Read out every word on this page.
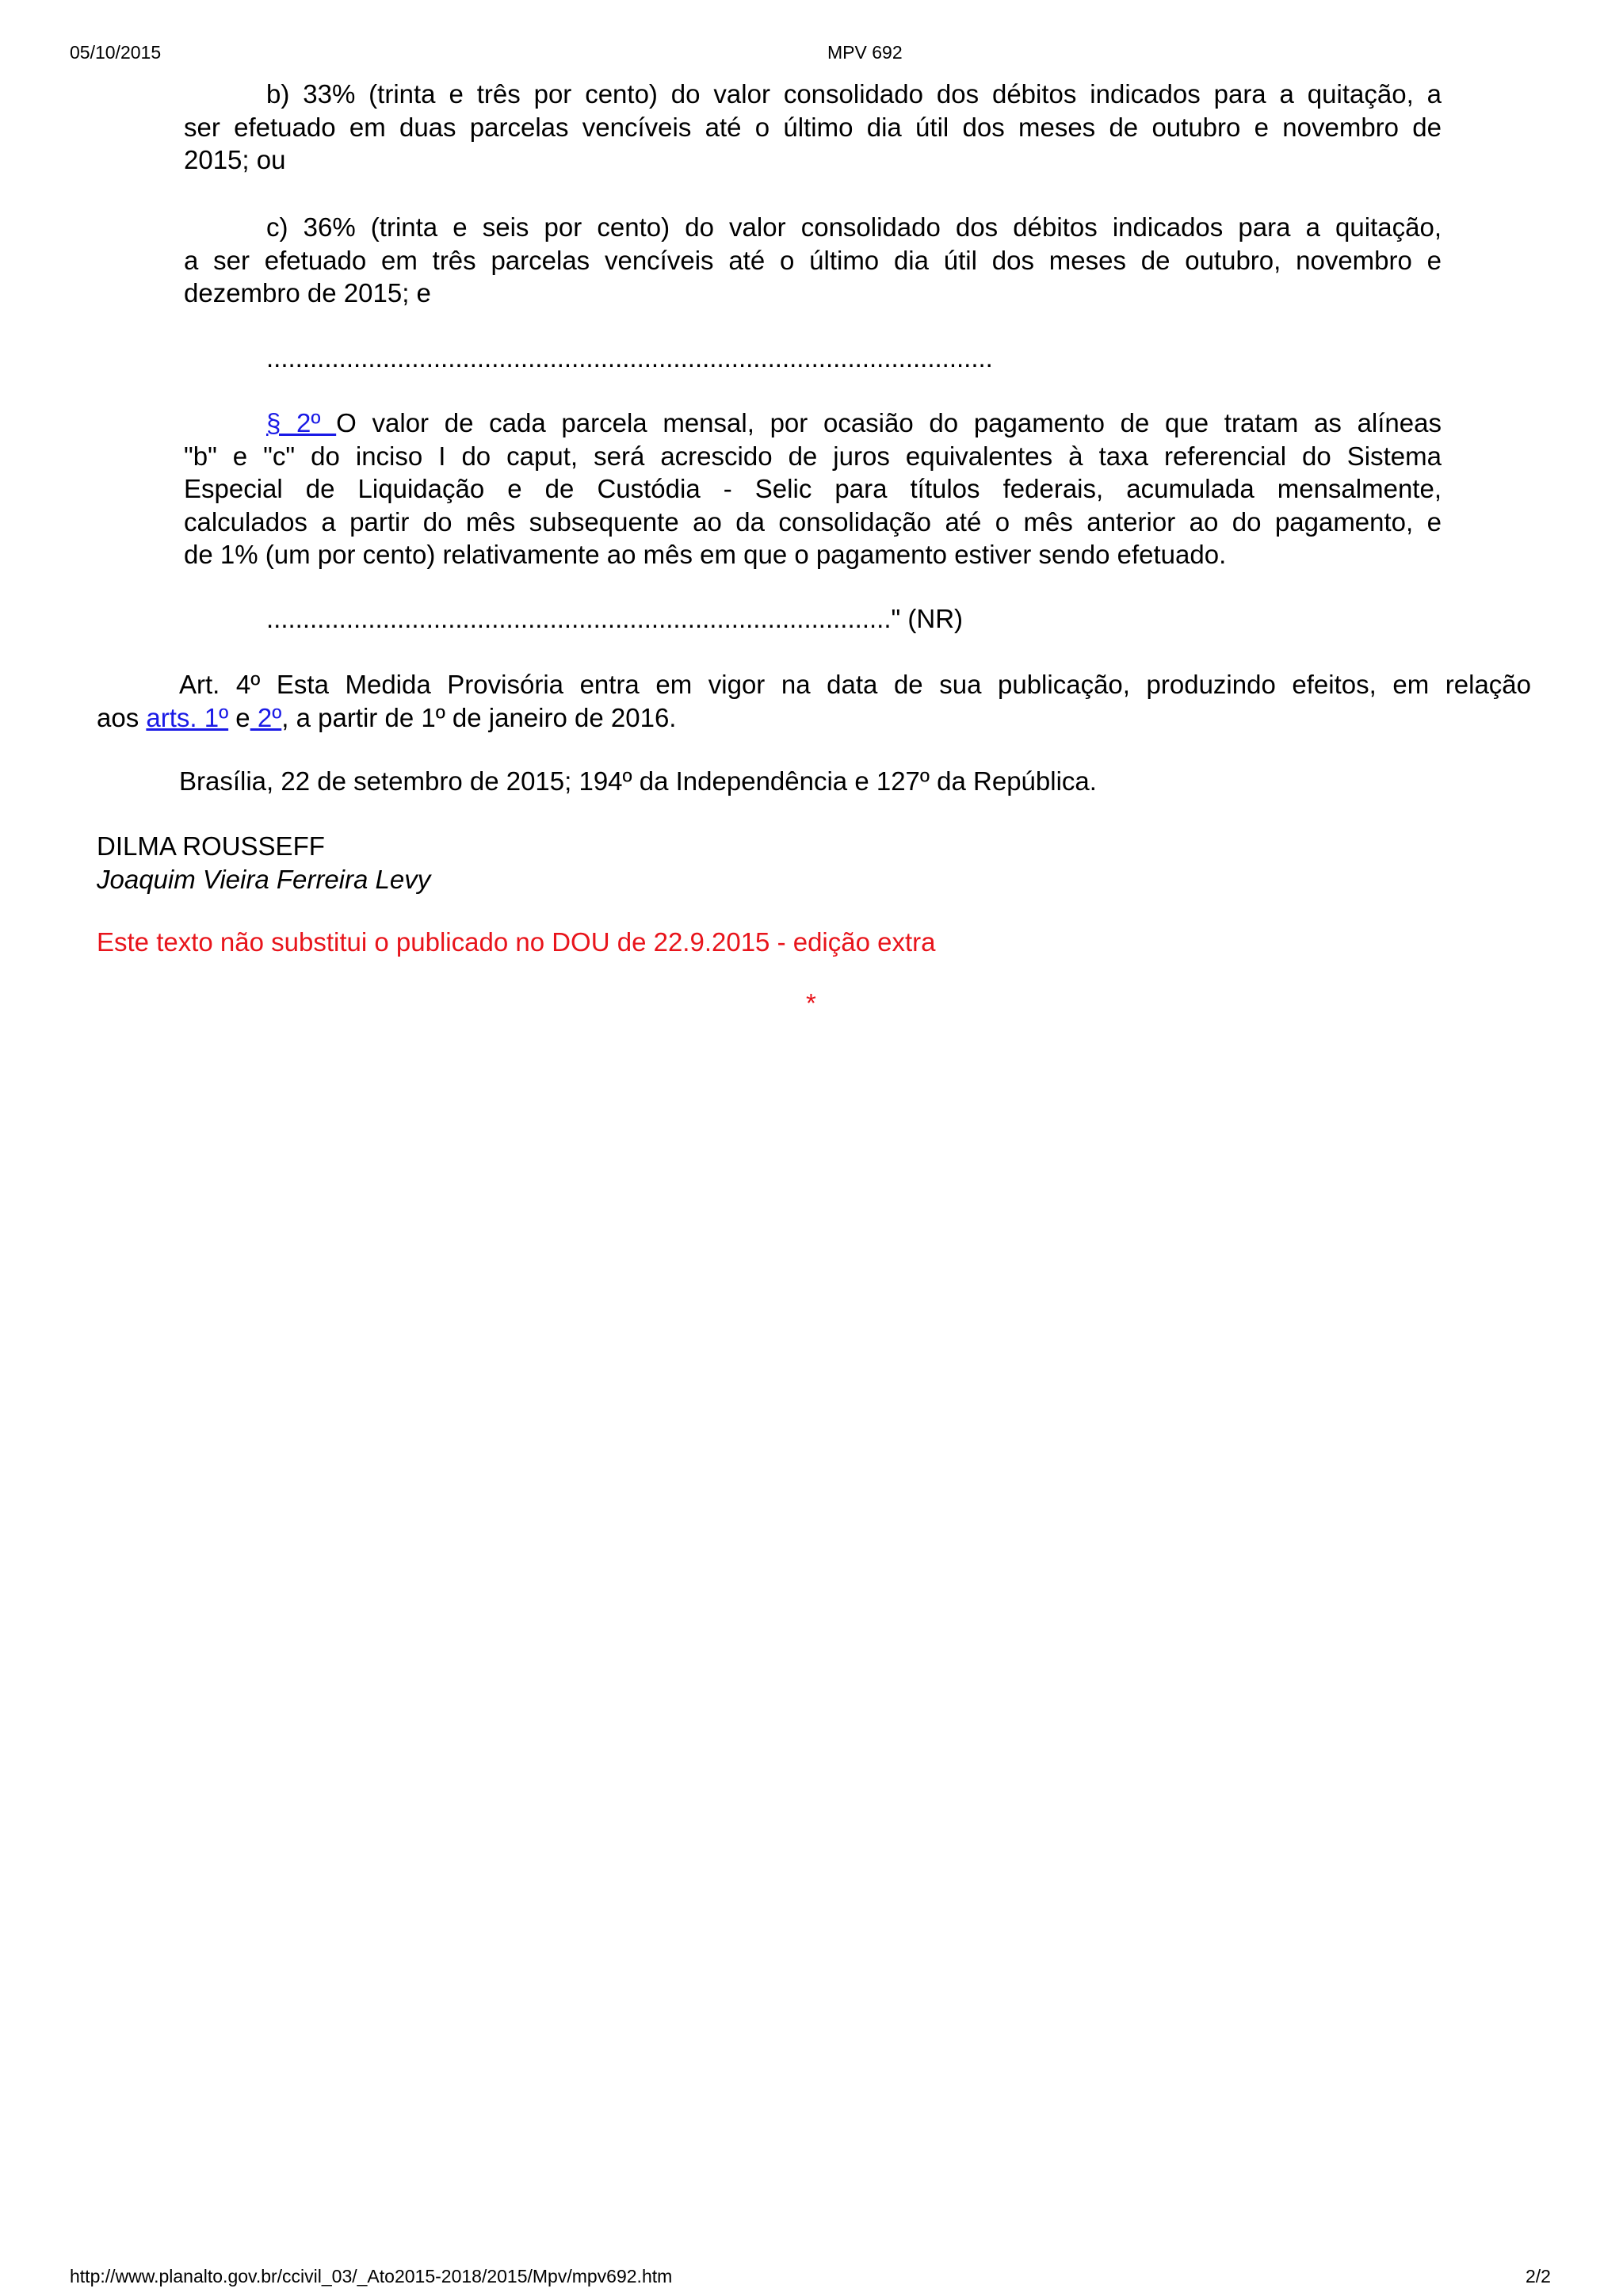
05/10/2015	MPV 692
b) 33% (trinta e três por cento) do valor consolidado dos débitos indicados para a quitação, a
ser efetuado em duas parcelas vencíveis até o último dia útil dos meses de outubro e novembro de
2015; ou
c) 36% (trinta e seis por cento) do valor consolidado dos débitos indicados para a quitação,
a ser efetuado em três parcelas vencíveis até o último dia útil dos meses de outubro, novembro e
dezembro de 2015; e
....................................................................................................
§ 2º O valor de cada parcela mensal, por ocasião do pagamento de que tratam as alíneas
"b" e "c" do inciso I do caput, será acrescido de juros equivalentes à taxa referencial do Sistema
Especial de Liquidação e de Custódia - Selic para títulos federais, acumulada mensalmente,
calculados a partir do mês subsequente ao da consolidação até o mês anterior ao do pagamento, e
de 1% (um por cento) relativamente ao mês em que o pagamento estiver sendo efetuado.
......................................................................................" (NR)
Art. 4º Esta Medida Provisória entra em vigor na data de sua publicação, produzindo efeitos, em relação
aos arts. 1º e 2º, a partir de 1º de janeiro de 2016.
Brasília, 22 de setembro de 2015; 194º da Independência e 127º da República.
DILMA ROUSSEFF
Joaquim Vieira Ferreira Levy
Este texto não substitui o publicado no DOU de 22.9.2015 - edição extra
*
http://www.planalto.gov.br/ccivil_03/_Ato2015-2018/2015/Mpv/mpv692.htm	2/2
